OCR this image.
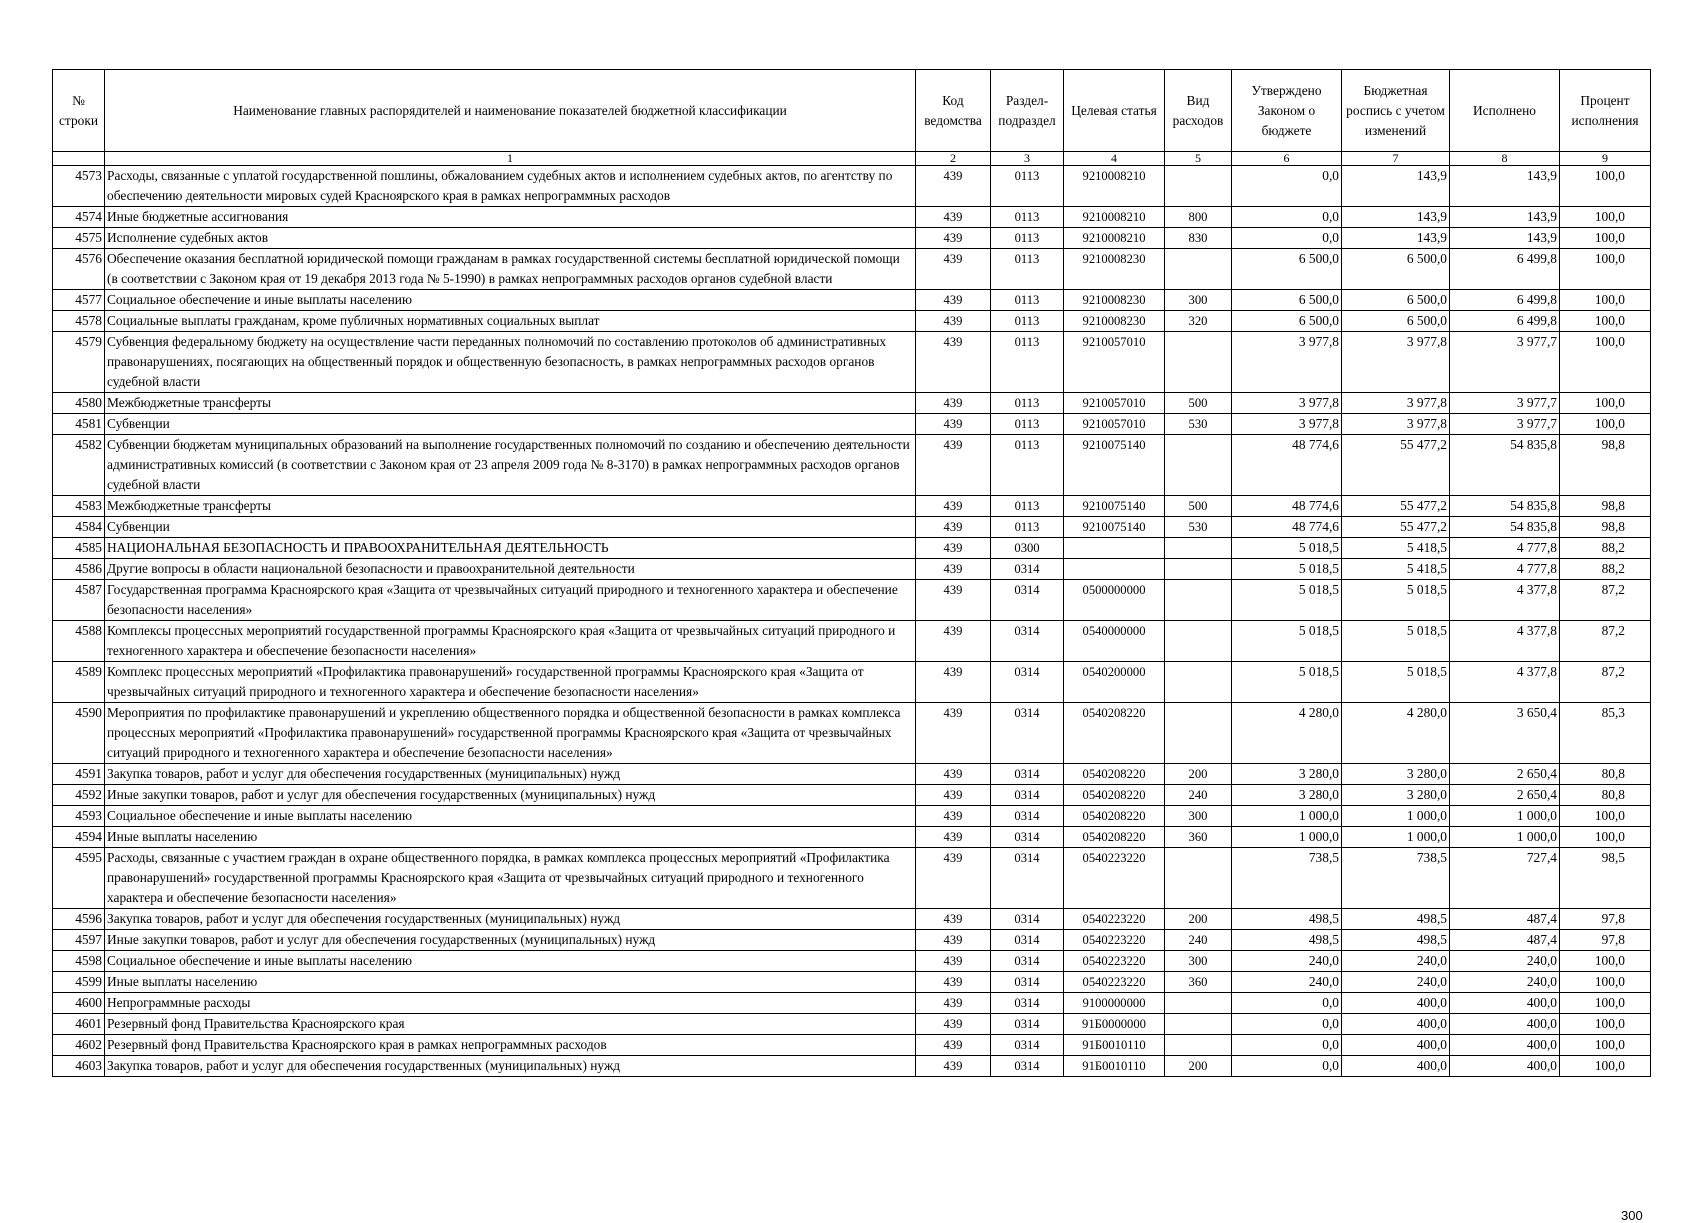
№ строки	Наименование главных распорядителей и наименование показателей бюджетной классификации	Код ведомства	Раздел-подраздел	Целевая статья	Вид расходов	Утверждено Законом о бюджете	Бюджетная роспись с учетом изменений	Исполнено	Процент исполнения
	1	2	3	4	5	6	7	8	9
4573	Расходы, связанные с уплатой государственной пошлины, обжалованием судебных актов и исполнением судебных актов, по агентству по обеспечению деятельности мировых судей Красноярского края в рамках непрограммных расходов	439	0113	9210008210		0,0	143,9	143,9	100,0
4574	Иные бюджетные ассигнования	439	0113	9210008210	800	0,0	143,9	143,9	100,0
4575	Исполнение судебных актов	439	0113	9210008210	830	0,0	143,9	143,9	100,0
4576	Обеспечение оказания бесплатной юридической помощи гражданам в рамках государственной системы бесплатной юридической помощи (в соответствии с Законом края от 19 декабря 2013 года № 5-1990) в рамках непрограммных расходов органов судебной власти	439	0113	9210008230		6 500,0	6 500,0	6 499,8	100,0
4577	Социальное обеспечение и иные выплаты населению	439	0113	9210008230	300	6 500,0	6 500,0	6 499,8	100,0
4578	Социальные выплаты гражданам, кроме публичных нормативных социальных выплат	439	0113	9210008230	320	6 500,0	6 500,0	6 499,8	100,0
4579	Субвенция федеральному бюджету на осуществление части переданных полномочий по составлению протоколов об административных правонарушениях, посягающих на общественный порядок и общественную безопасность, в рамках непрограммных расходов органов судебной власти	439	0113	9210057010		3 977,8	3 977,8	3 977,7	100,0
4580	Межбюджетные трансферты	439	0113	9210057010	500	3 977,8	3 977,8	3 977,7	100,0
4581	Субвенции	439	0113	9210057010	530	3 977,8	3 977,8	3 977,7	100,0
4582	Субвенции бюджетам муниципальных образований на выполнение государственных полномочий по созданию и обеспечению деятельности административных комиссий (в соответствии с Законом края от 23 апреля 2009 года № 8-3170) в рамках непрограммных расходов органов судебной власти	439	0113	9210075140		48 774,6	55 477,2	54 835,8	98,8
4583	Межбюджетные трансферты	439	0113	9210075140	500	48 774,6	55 477,2	54 835,8	98,8
4584	Субвенции	439	0113	9210075140	530	48 774,6	55 477,2	54 835,8	98,8
4585	НАЦИОНАЛЬНАЯ БЕЗОПАСНОСТЬ И ПРАВООХРАНИТЕЛЬНАЯ ДЕЯТЕЛЬНОСТЬ	439	0300			5 018,5	5 418,5	4 777,8	88,2
4586	Другие вопросы в области национальной безопасности и правоохранительной деятельности	439	0314			5 018,5	5 418,5	4 777,8	88,2
4587	Государственная программа Красноярского края «Защита от чрезвычайных ситуаций природного и техногенного характера и обеспечение безопасности населения»	439	0314	0500000000		5 018,5	5 018,5	4 377,8	87,2
4588	Комплексы процессных мероприятий государственной программы Красноярского края «Защита от чрезвычайных ситуаций природного и техногенного характера и обеспечение безопасности населения»	439	0314	0540000000		5 018,5	5 018,5	4 377,8	87,2
4589	Комплекс процессных мероприятий «Профилактика правонарушений» государственной программы Красноярского края «Защита от чрезвычайных ситуаций природного и техногенного характера и обеспечение безопасности населения»	439	0314	0540200000		5 018,5	5 018,5	4 377,8	87,2
4590	Мероприятия по профилактике правонарушений и укреплению общественного порядка и общественной безопасности в рамках комплекса процессных мероприятий «Профилактика правонарушений» государственной программы Красноярского края «Защита от чрезвычайных ситуаций природного и техногенного характера и обеспечение безопасности населения»	439	0314	0540208220		4 280,0	4 280,0	3 650,4	85,3
4591	Закупка товаров, работ и услуг для обеспечения государственных (муниципальных) нужд	439	0314	0540208220	200	3 280,0	3 280,0	2 650,4	80,8
4592	Иные закупки товаров, работ и услуг для обеспечения государственных (муниципальных) нужд	439	0314	0540208220	240	3 280,0	3 280,0	2 650,4	80,8
4593	Социальное обеспечение и иные выплаты населению	439	0314	0540208220	300	1 000,0	1 000,0	1 000,0	100,0
4594	Иные выплаты населению	439	0314	0540208220	360	1 000,0	1 000,0	1 000,0	100,0
4595	Расходы, связанные с участием граждан в охране общественного порядка, в рамках комплекса процессных мероприятий «Профилактика правонарушений» государственной программы Красноярского края «Защита от чрезвычайных ситуаций природного и техногенного характера и обеспечение безопасности населения»	439	0314	0540223220		738,5	738,5	727,4	98,5
4596	Закупка товаров, работ и услуг для обеспечения государственных (муниципальных) нужд	439	0314	0540223220	200	498,5	498,5	487,4	97,8
4597	Иные закупки товаров, работ и услуг для обеспечения государственных (муниципальных) нужд	439	0314	0540223220	240	498,5	498,5	487,4	97,8
4598	Социальное обеспечение и иные выплаты населению	439	0314	0540223220	300	240,0	240,0	240,0	100,0
4599	Иные выплаты населению	439	0314	0540223220	360	240,0	240,0	240,0	100,0
4600	Непрограммные расходы	439	0314	9100000000		0,0	400,0	400,0	100,0
4601	Резервный фонд Правительства Красноярского края	439	0314	91Б0000000		0,0	400,0	400,0	100,0
4602	Резервный фонд Правительства Красноярского края в рамках непрограммных расходов	439	0314	91Б0010110		0,0	400,0	400,0	100,0
4603	Закупка товаров, работ и услуг для обеспечения государственных (муниципальных) нужд	439	0314	91Б0010110	200	0,0	400,0	400,0	100,0
300
